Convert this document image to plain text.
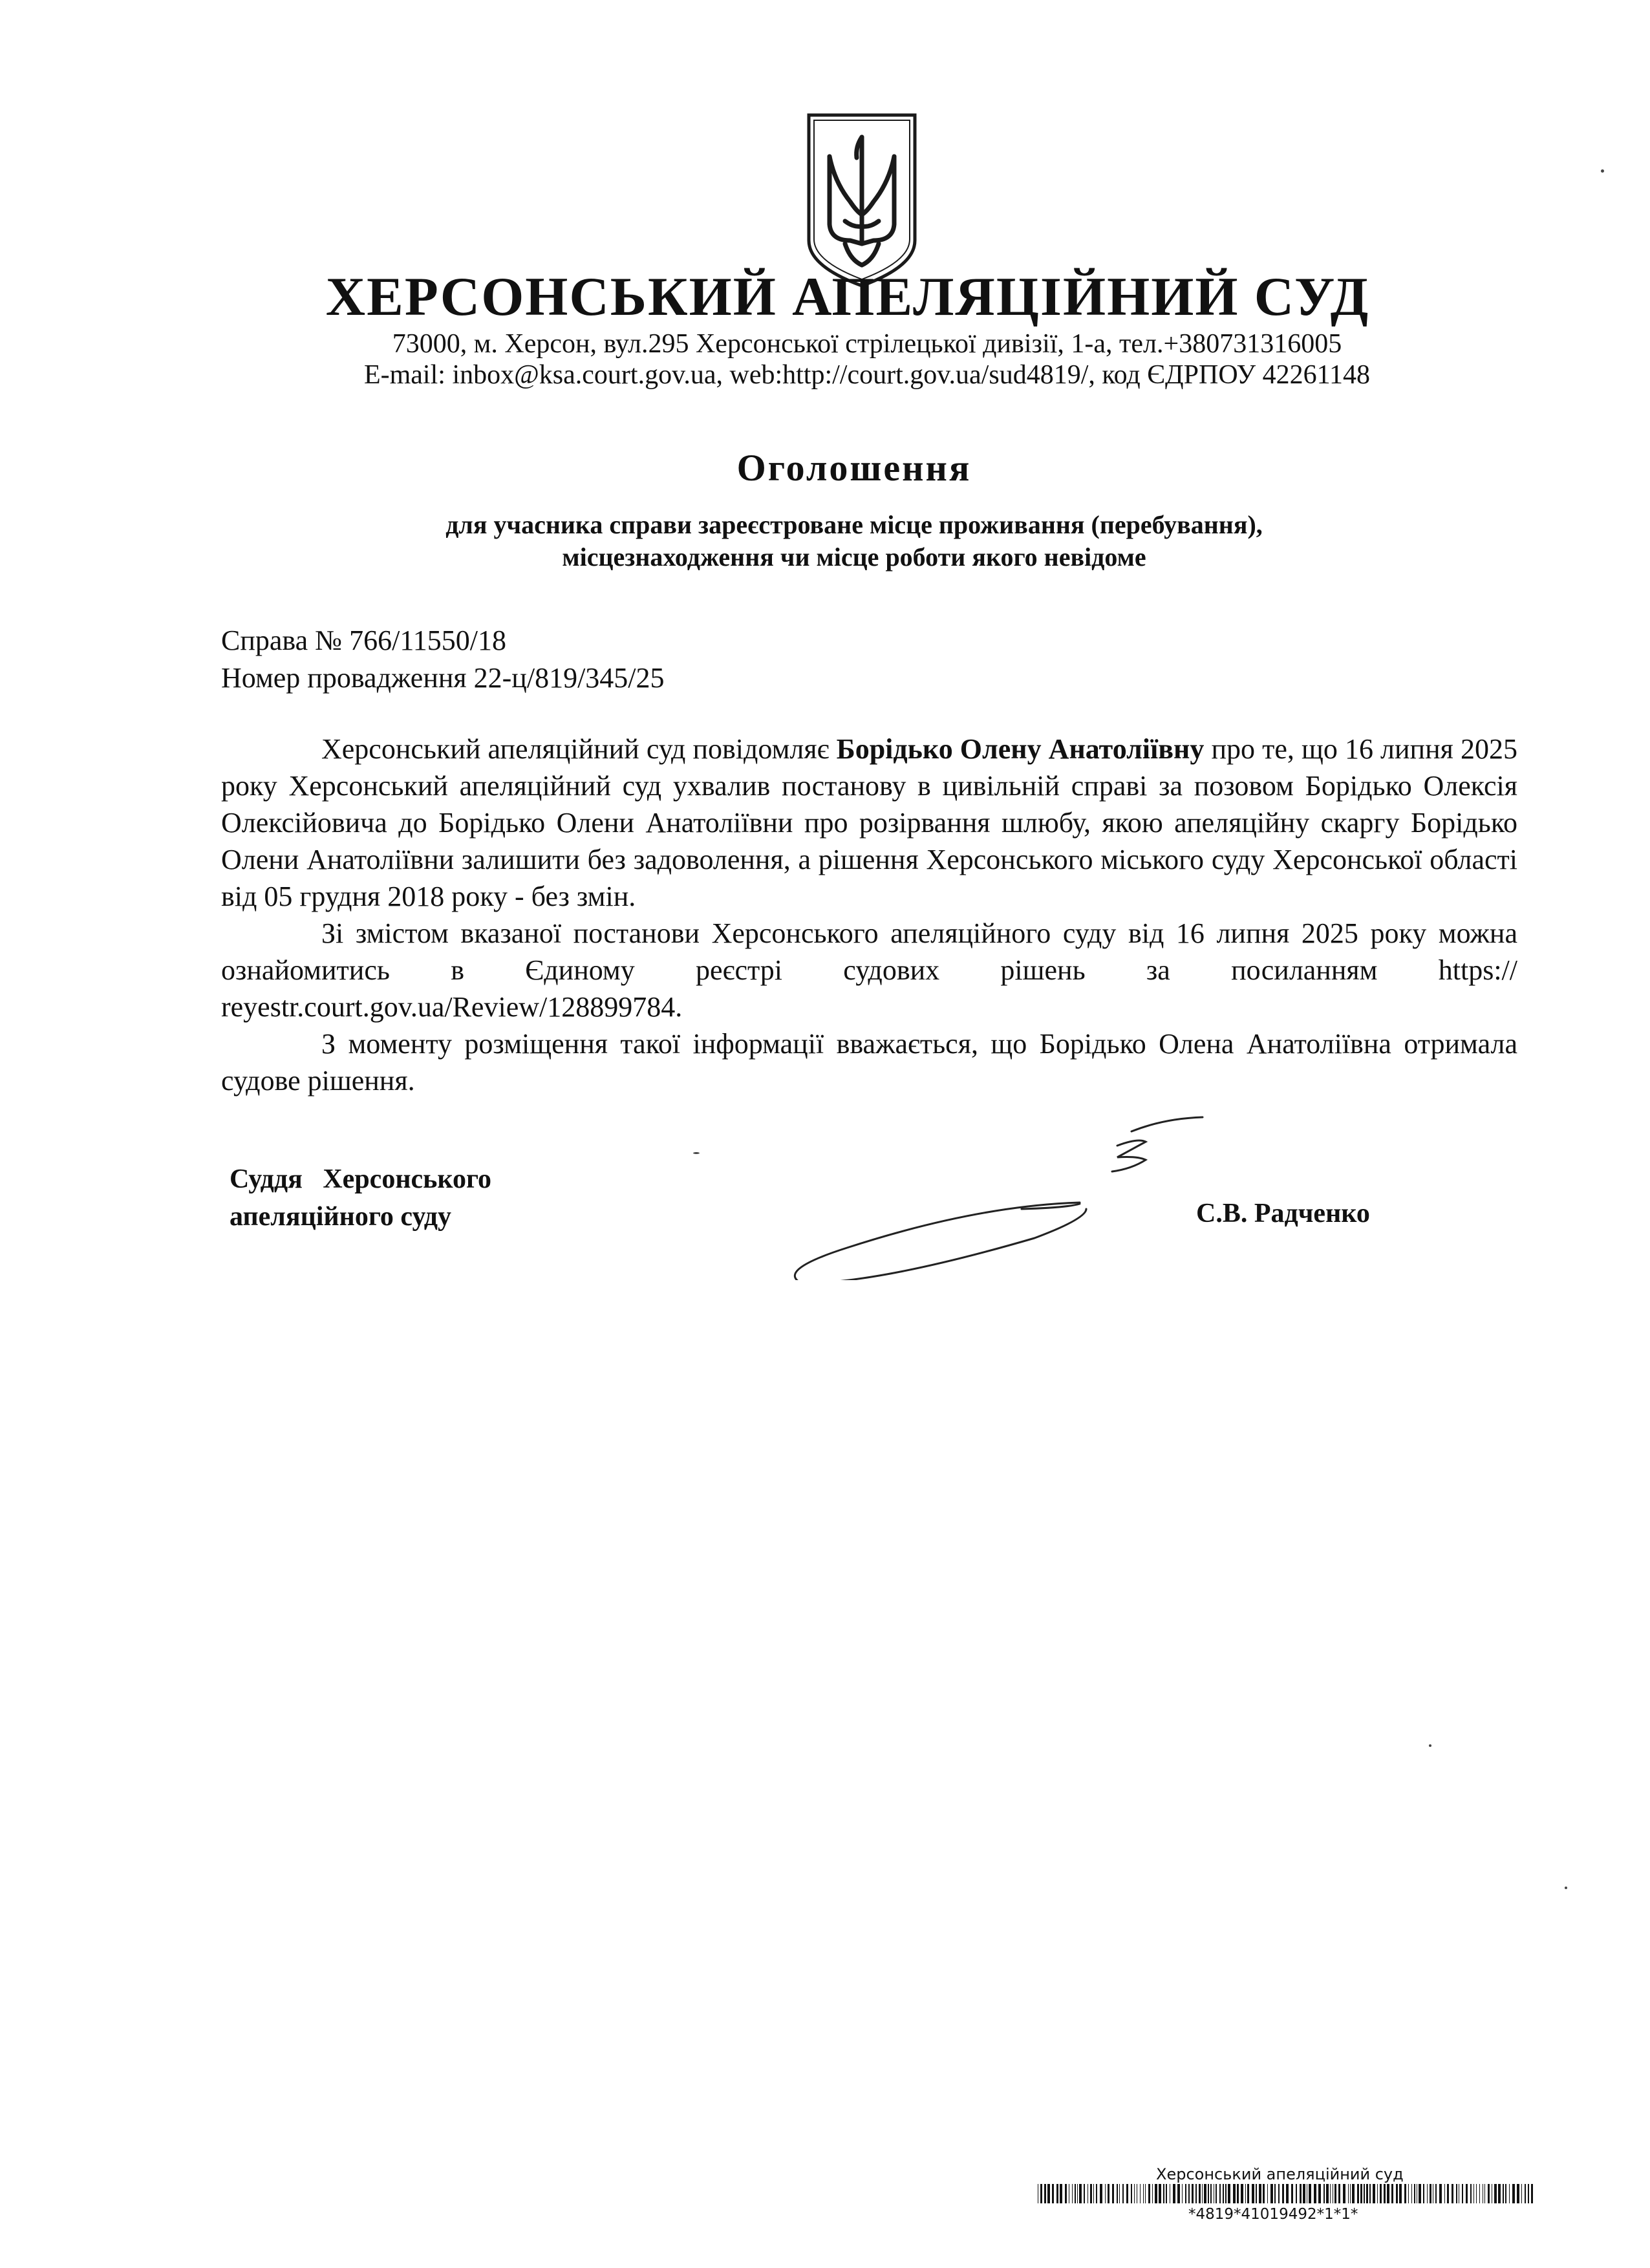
ХЕРСОНСЬКИЙ АПЕЛЯЦІЙНИЙ СУД
73000, м. Херсон, вул.295 Херсонської стрілецької дивізії, 1-а, тел.+380731316005
E-mail: inbox@ksa.court.gov.ua, web:http://court.gov.ua/sud4819/, код ЄДРПОУ 42261148
Оголошення
для учасника справи зареєстроване місце проживання (перебування),
місцезнаходження чи місце роботи якого невідоме
Справа № 766/11550/18
Номер провадження 22-ц/819/345/25

Херсонський апеляційний суд повідомляє Борідько Олену Анатоліївну про те, що 16 липня 2025 року Херсонський апеляційний суд ухвалив постанову в цивільній справі за позовом Борідько Олексія Олексійовича до Борідько Олени Анатоліївни про розірвання шлюбу, якою апеляційну скаргу Борідько Олени Анатоліївни залишити без задоволення, а рішення Херсонського міського суду Херсонської області від 05 грудня 2018 року - без змін.

Зі змістом вказаної постанови Херсонського апеляційного суду від 16 липня 2025 року можна ознайомитись в Єдиному реєстрі судових рішень за посиланням https:// reyestr.court.gov.ua/Review/128899784.

З моменту розміщення такої інформації вважається, що Борідько Олена Анатоліївна отримала судове рішення.

Суддя   Херсонського
апеляційного суду	С.В. Радченко
Херсонський апеляційний суд
*4819*41019492*1*1*
